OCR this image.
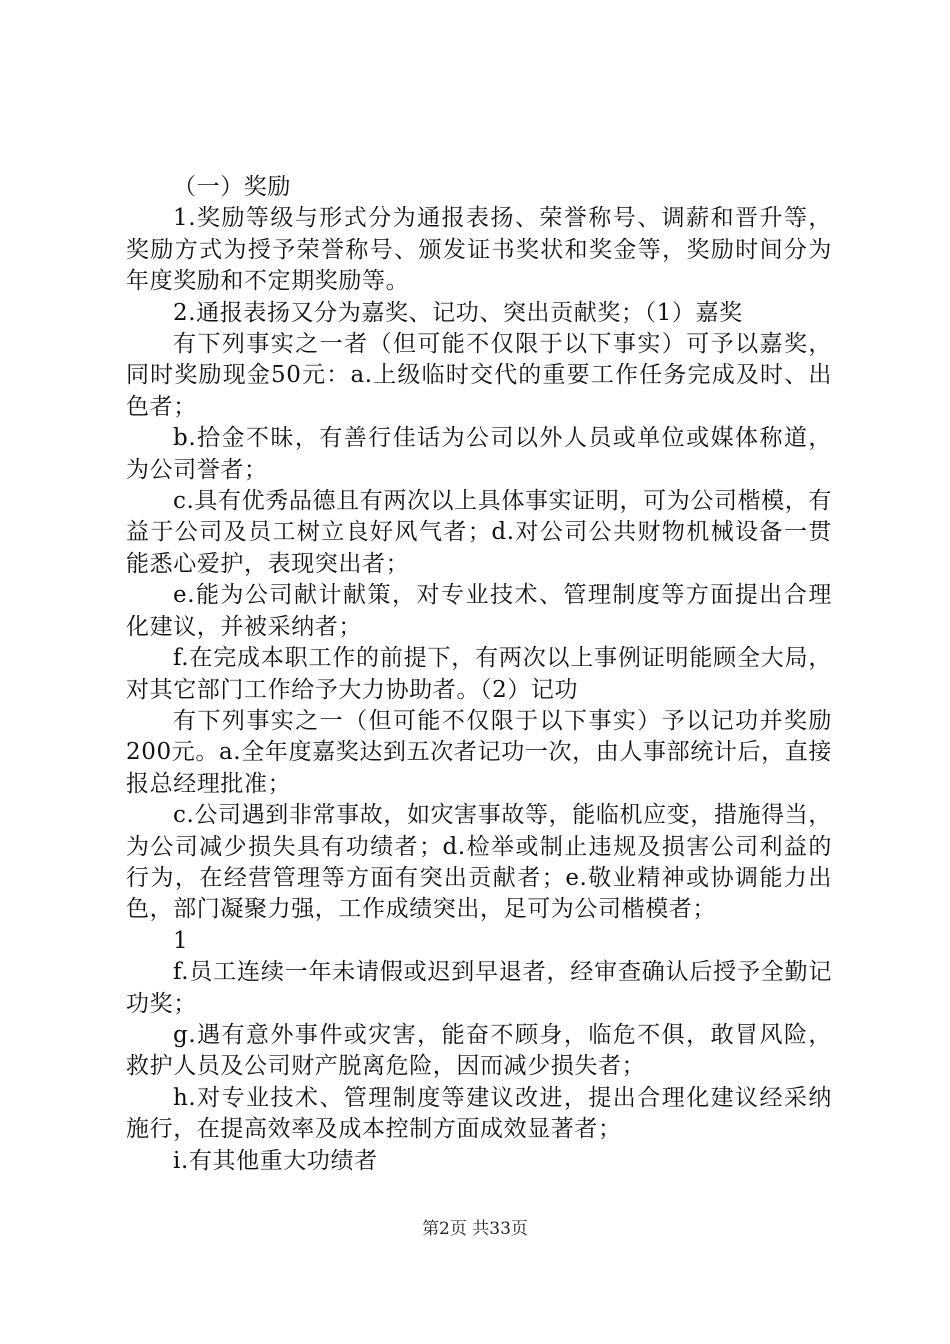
（一）奖励

1.奖励等级与形式分为通报表扬、荣誉称号、调薪和晋升等，奖励方式为授予荣誉称号、颁发证书奖状和奖金等，奖励时间分为年度奖励和不定期奖励等。

2.通报表扬又分为嘉奖、记功、突出贡献奖；（1）嘉奖

有下列事实之一者（但可能不仅限于以下事实）可予以嘉奖，同时奖励现金50元：a.上级临时交代的重要工作任务完成及时、出色者；

b.拾金不昧，有善行佳话为公司以外人员或单位或媒体称道，为公司誉者；

c.具有优秀品德且有两次以上具体事实证明，可为公司楷模，有益于公司及员工树立良好风气者；d.对公司公共财物机械设备一贯能悉心爱护，表现突出者；

e.能为公司献计献策，对专业技术、管理制度等方面提出合理化建议，并被采纳者；

f.在完成本职工作的前提下，有两次以上事例证明能顾全大局，对其它部门工作给予大力协助者。（2）记功

有下列事实之一（但可能不仅限于以下事实）予以记功并奖励200元。a.全年度嘉奖达到五次者记功一次，由人事部统计后，直接报总经理批准；

c.公司遇到非常事故，如灾害事故等，能临机应变，措施得当，为公司减少损失具有功绩者；d.检举或制止违规及损害公司利益的行为，在经营管理等方面有突出贡献者；e.敬业精神或协调能力出色，部门凝聚力强，工作成绩突出，足可为公司楷模者；

1

f.员工连续一年未请假或迟到早退者，经审查确认后授予全勤记功奖；

g.遇有意外事件或灾害，能奋不顾身，临危不俱，敢冒风险，救护人员及公司财产脱离危险，因而减少损失者；

h.对专业技术、管理制度等建议改进，提出合理化建议经采纳施行，在提高效率及成本控制方面成效显著者；

i.有其他重大功绩者

第2页 共33页
